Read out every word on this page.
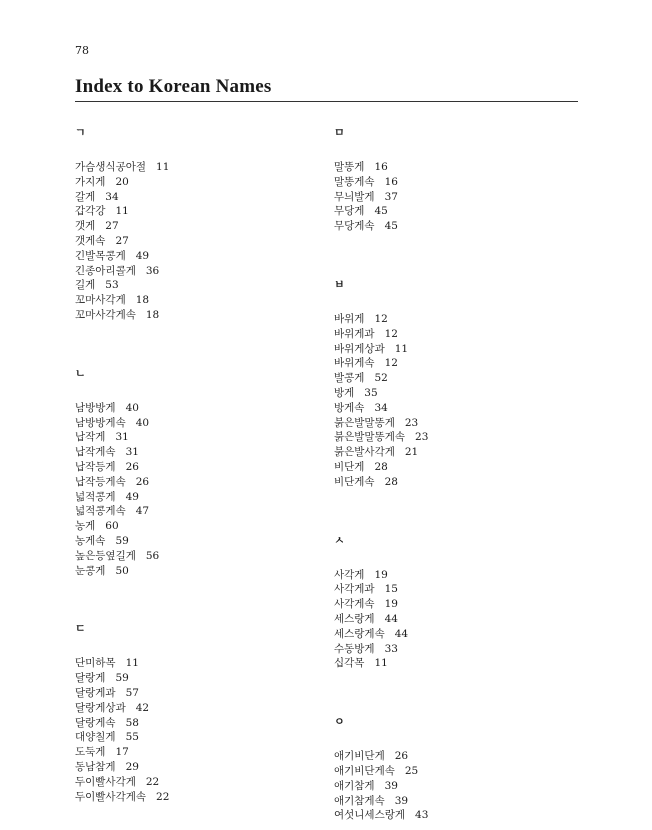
78
Index to Korean Names
ㄱ
가슴생식공아절 11
가지게 20
갈게 34
갑각강 11
갯게 27
갯게속 27
긴발목콩게 49
긴종아리콜게 36
길게 53
꼬마사각게 18
꼬마사각게속 18
ㄴ
남방방게 40
남방방게속 40
납작게 31
납작게속 31
납작등게 26
납작등게속 26
넓적콩게 49
넓적콩게속 47
농게 60
농게속 59
높은등옆길게 56
눈콩게 50
ㄷ
단미하목 11
달랑게 59
달랑게과 57
달랑게상과 42
달랑게속 58
대양칠게 55
도둑게 17
동남참게 29
두이빨사각게 22
두이빨사각게속 22
ㅁ
말똥게 16
말똥게속 16
무늬발게 37
무당게 45
무당게속 45
ㅂ
바위게 12
바위게과 12
바위게상과 11
바위게속 12
발콩게 52
방게 35
방게속 34
붉은발말똥게 23
붉은발말똥게속 23
붉은발사각게 21
비단게 28
비단게속 28
ㅅ
사각게 19
사각게과 15
사각게속 19
세스랑게 44
세스랑게속 44
수동방게 33
십각목 11
ㅇ
애기비단게 26
애기비단게속 25
애기참게 39
애기참게속 39
여섯니세스랑게 43
